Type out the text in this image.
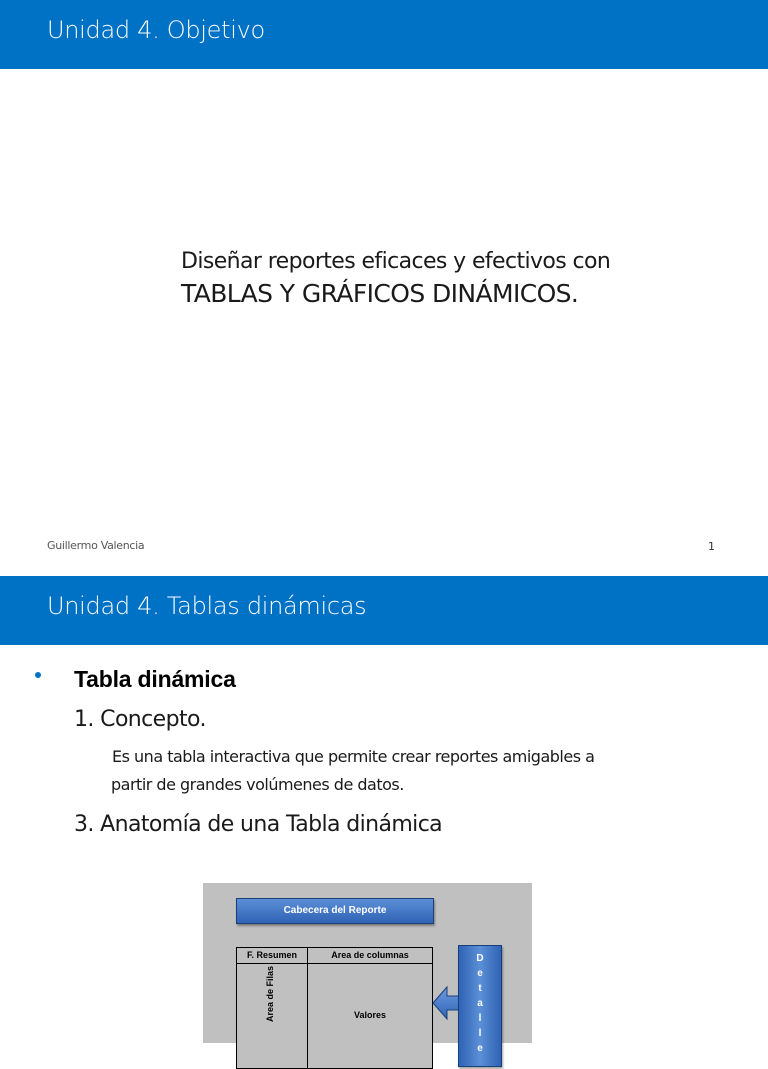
Unidad 4. Objetivo
Diseñar reportes eficaces y efectivos con
TABLAS Y GRÁFICOS DINÁMICOS.
Guillermo Valencia	1
Unidad 4. Tablas dinámicas
Tabla dinámica
1. Concepto.
Es una tabla interactiva que permite crear reportes amigables a
partir de grandes volúmenes de datos.
3. Anatomía de una Tabla dinámica
Cabecera del Reporte
F. Resumen	Area de columnas
Area de Filas	Valores
D
e
t
a
l
l
e
